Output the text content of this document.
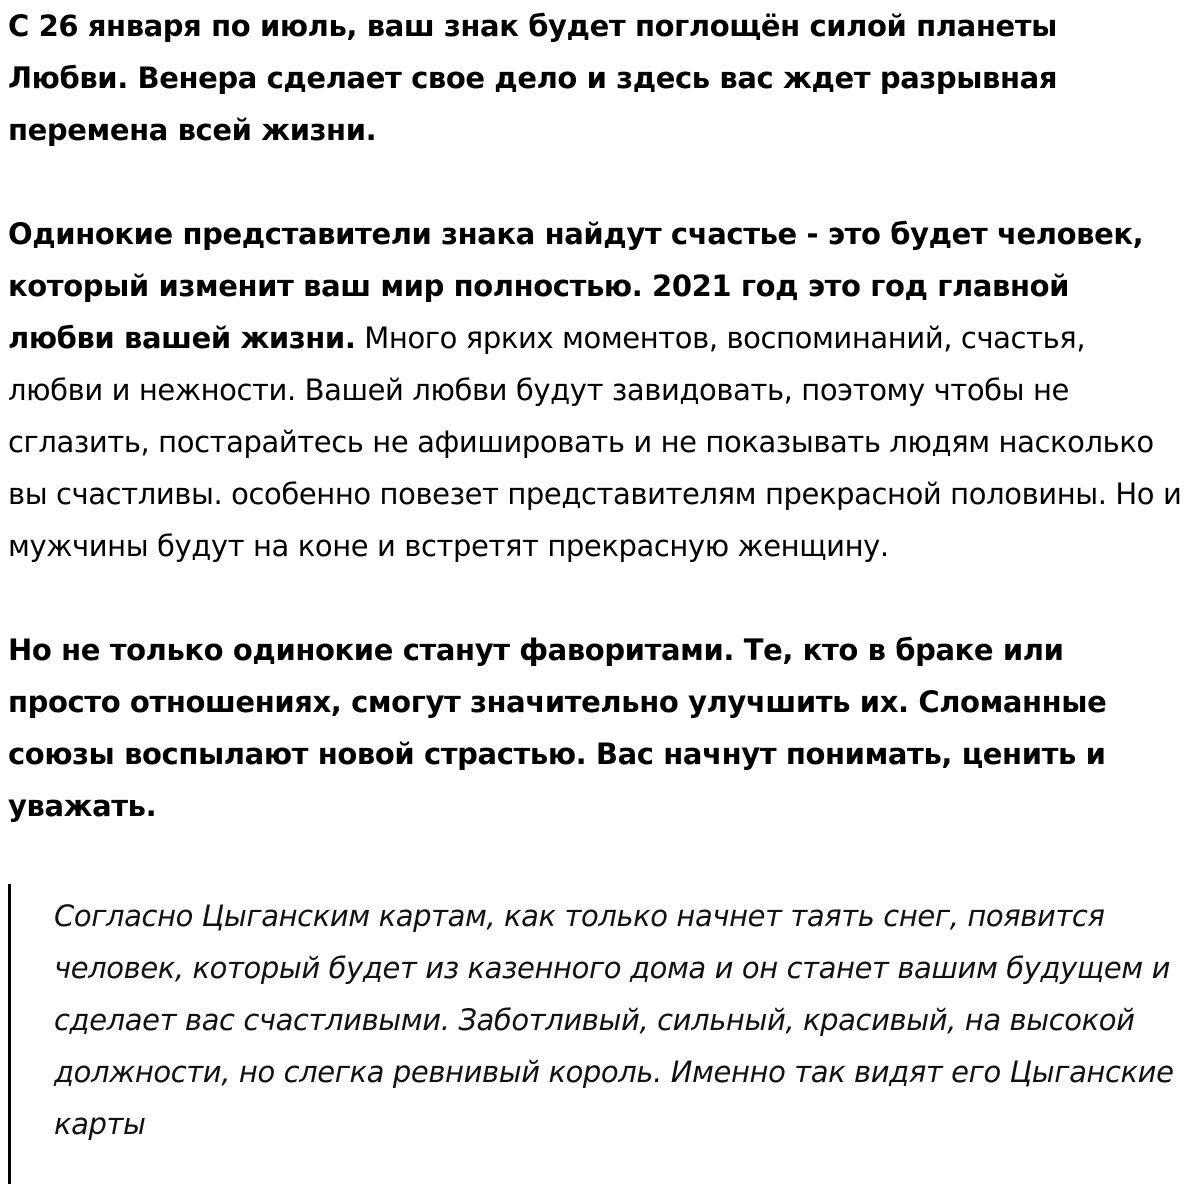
С 26 января по июль, ваш знак будет поглощён силой планеты Любви. Венера сделает свое дело и здесь вас ждет разрывная перемена всей жизни.

Одинокие представители знака найдут счастье - это будет человек, который изменит ваш мир полностью. 2021 год это год главной любви вашей жизни. Много ярких моментов, воспоминаний, счастья, любви и нежности. Вашей любви будут завидовать, поэтому чтобы не сглазить, постарайтесь не афишировать и не показывать людям насколько вы счастливы. особенно повезет представителям прекрасной половины. Но и мужчины будут на коне и встретят прекрасную женщину.

Но не только одинокие станут фаворитами. Те, кто в браке или просто отношениях, смогут значительно улучшить их. Сломанные союзы воспылают новой страстью. Вас начнут понимать, ценить и уважать.

Согласно Цыганским картам, как только начнет таять снег, появится человек, который будет из казенного дома и он станет вашим будущем и сделает вас счастливыми. Заботливый, сильный, красивый, на высокой должности, но слегка ревнивый король. Именно так видят его Цыганские карты
